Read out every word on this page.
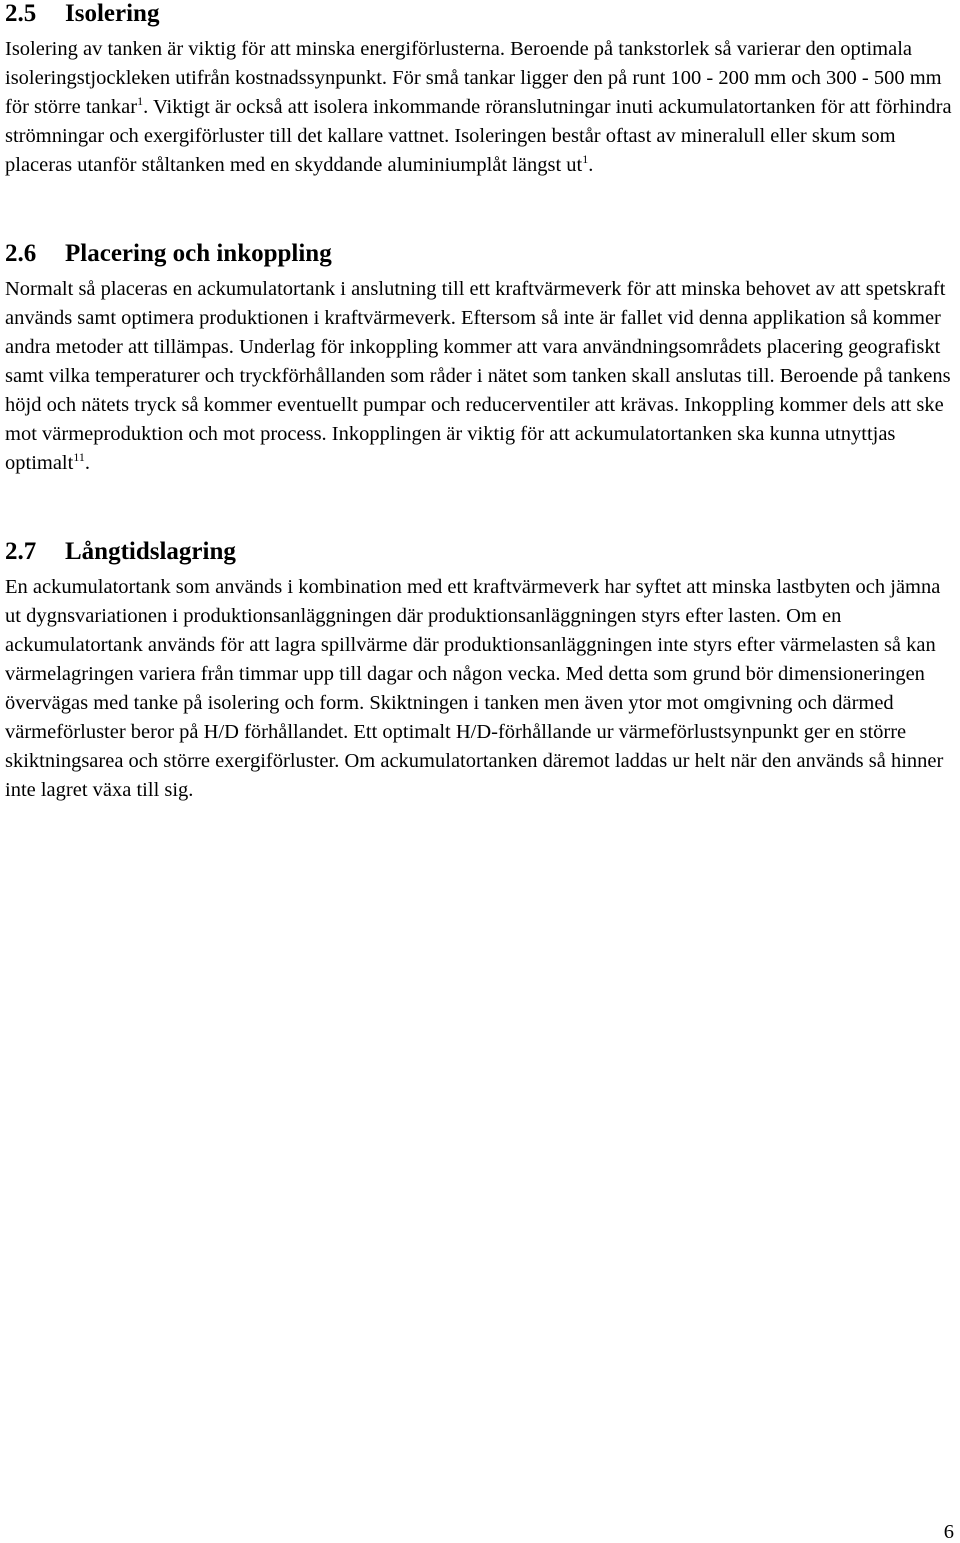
2.5	Isolering

Isolering av tanken är viktig för att minska energiförlusterna. Beroende på tankstorlek så varierar den optimala isoleringstjockleken utifrån kostnadssynpunkt. För små tankar ligger den på runt 100 - 200 mm och 300 - 500 mm för större tankar$^1$. Viktigt är också att isolera inkommande röranslutningar inuti ackumulatortanken för att förhindra strömningar och exergiförluster till det kallare vattnet. Isoleringen består oftast av mineralull eller skum som placeras utanför ståltanken med en skyddande aluminiumplåt längst $ut^1$.

2.6	Placering och inkoppling

Normalt så placeras en ackumulatortank i anslutning till ett kraftvärmeverk för att minska behovet av att spetskraft används samt optimera produktionen i kraftvärmeverk. Eftersom så inte är fallet vid denna applikation så kommer andra metoder att tillämpas. Underlag för inkoppling kommer att vara användningsområdets placering geografiskt samt vilka temperaturer och tryckförhållanden som råder i nätet som tanken skall anslutas till. Beroende på tankens höjd och nätets tryck så kommer eventuellt pumpar och reducerventiler att krävas. Inkoppling kommer dels att ske mot värmeproduktion och mot process. Inkopplingen är viktig för att ackumulatortanken ska kunna utnyttjas optimalt$^{11}$.

2.7	Långtidslagring

En ackumulatortank som används i kombination med ett kraftvärmeverk har syftet att minska lastbyten och jämna ut dygnsvariationen i produktionsanläggningen där produktionsanläggningen styrs efter lasten. Om en ackumulatortank används för att lagra spillvärme där produktionsanläggningen inte styrs efter värmelasten så kan värmelagringen variera från timmar upp till dagar och någon vecka. Med detta som grund bör dimensioneringen övervägas med tanke på isolering och form. Skiktningen i tanken men även ytor mot omgivning och därmed värmeförluster beror på H/D förhållandet. Ett optimalt H/D-förhållande ur värmeförlustsynpunkt ger en större skiktningsarea och större exergiförluster. Om ackumulatortanken däremot laddas ur helt när den används så hinner inte lagret växa till sig.

6
